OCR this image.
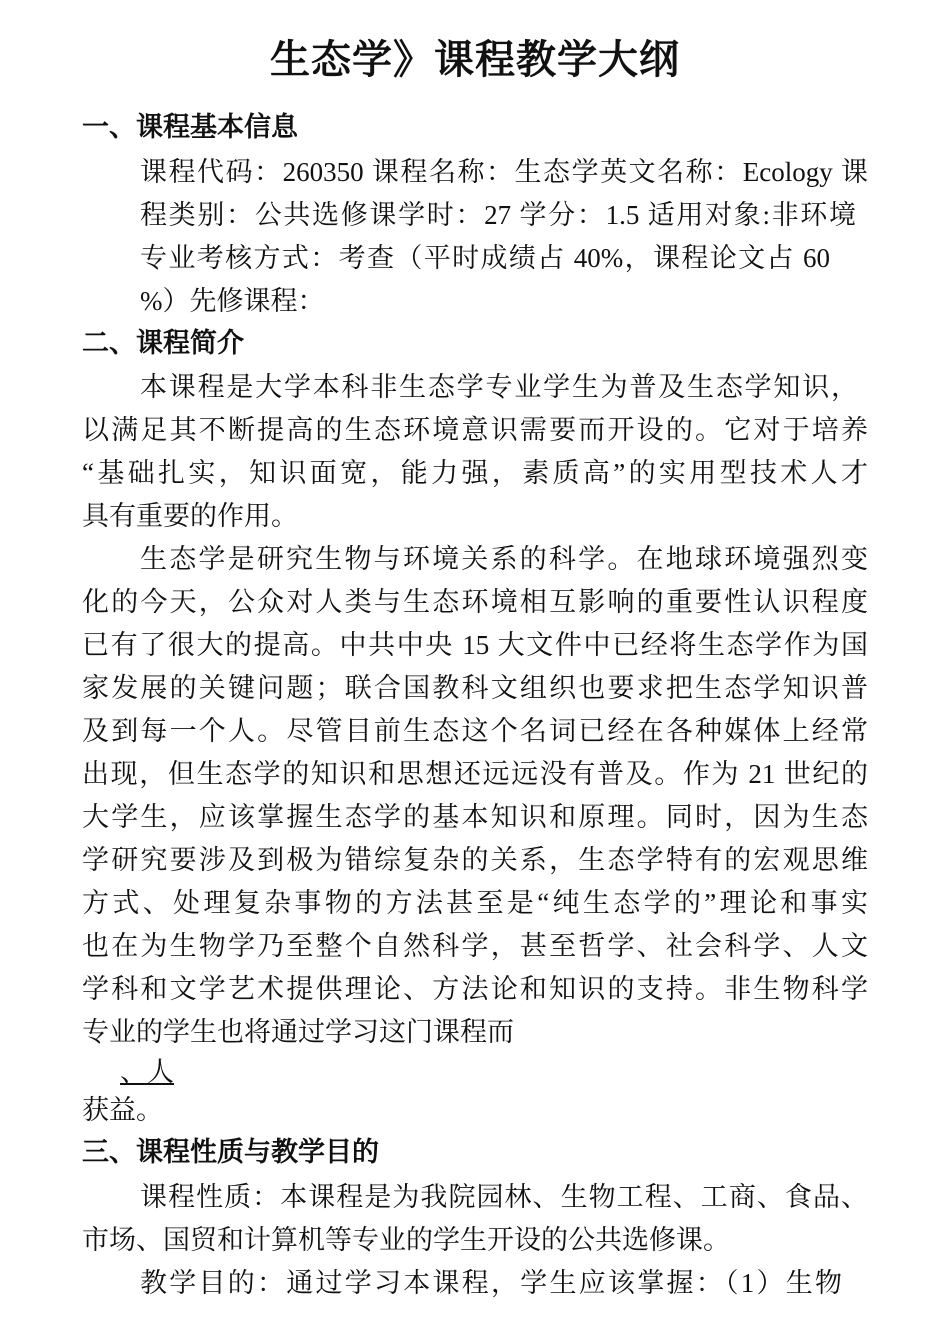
生态学》课程教学大纲
一、课程基本信息

课程代码：260350 课程名称：生态学英文名称：Ecology 课

程类别：公共选修课学时：27 学分：1.5 适用对象:非环境

专业考核方式：考查（平时成绩占 40%，课程论文占 60

%）先修课程：

二、课程简介

本课程是大学本科非生态学专业学生为普及生态学知识，

以满足其不断提高的生态环境意识需要而开设的。它对于培养

“基础扎实，知识面宽，能力强，素质高”的实用型技术人才

具有重要的作用。

生态学是研究生物与环境关系的科学。在地球环境强烈变

化的今天，公众对人类与生态环境相互影响的重要性认识程度

已有了很大的提高。中共中央 15 大文件中已经将生态学作为国

家发展的关键问题；联合国教科文组织也要求把生态学知识普

及到每一个人。尽管目前生态这个名词已经在各种媒体上经常

出现，但生态学的知识和思想还远远没有普及。作为 21 世纪的

大学生，应该掌握生态学的基本知识和原理。同时，因为生态

学研究要涉及到极为错综复杂的关系，生态学特有的宏观思维

方式、处理复杂事物的方法甚至是“纯生态学的”理论和事实

也在为生物学乃至整个自然科学，甚至哲学、社会科学、人文

学科和文学艺术提供理论、方法论和知识的支持。非生物科学

专业的学生也将通过学习这门课程而

、人

获益。

三、课程性质与教学目的

课程性质：本课程是为我院园林、生物工程、工商、食品、

市场、国贸和计算机等专业的学生开设的公共选修课。

教学目的：通过学习本课程，学生应该掌握：（1）生物
